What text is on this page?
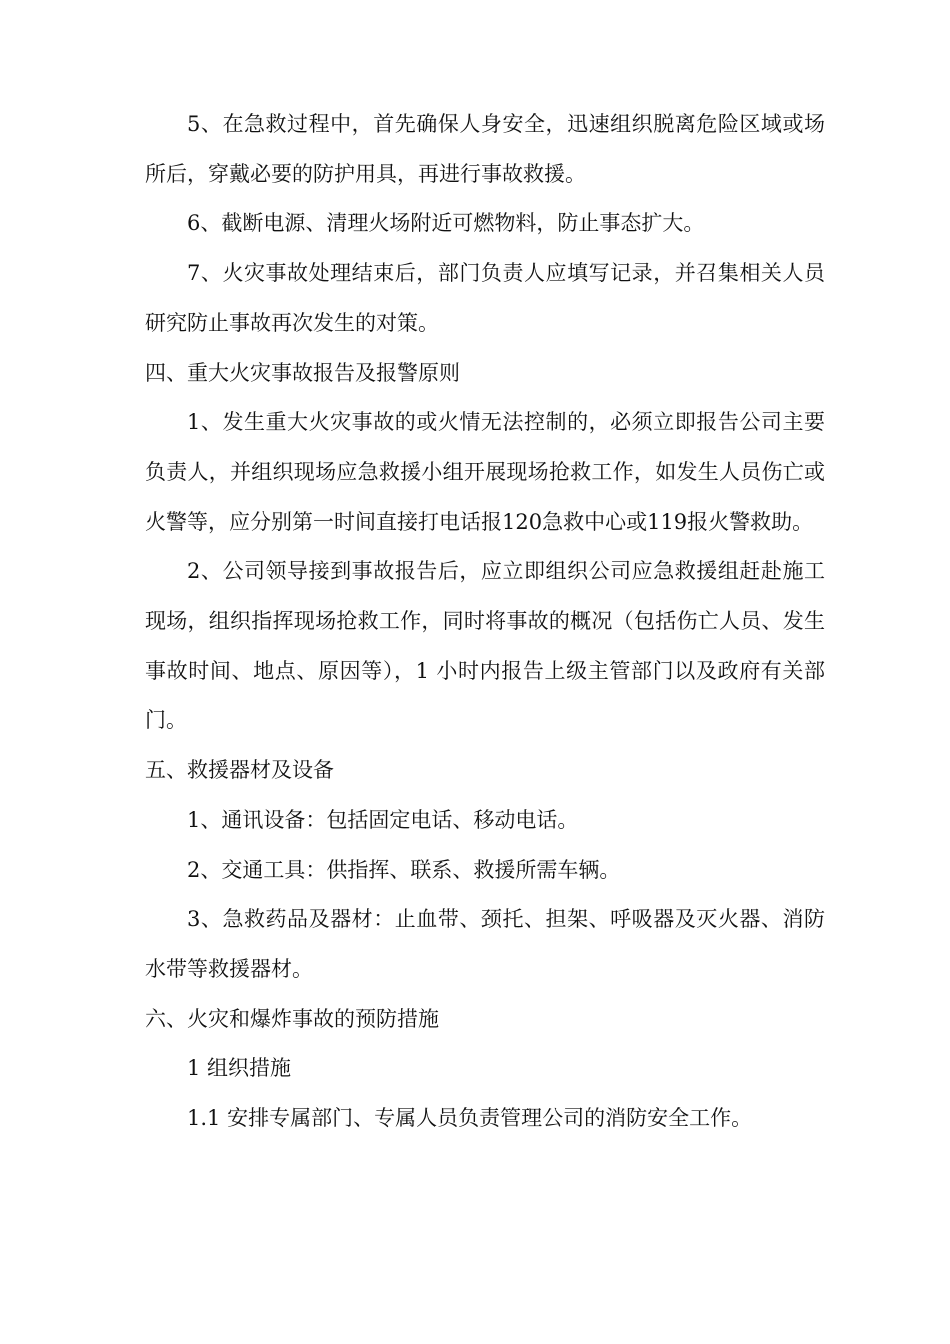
5、在急救过程中，首先确保人身安全，迅速组织脱离危险区域或场所后，穿戴必要的防护用具，再进行事故救援。

6、截断电源、清理火场附近可燃物料，防止事态扩大。

7、火灾事故处理结束后，部门负责人应填写记录，并召集相关人员研究防止事故再次发生的对策。

四、重大火灾事故报告及报警原则

1、发生重大火灾事故的或火情无法控制的，必须立即报告公司主要负责人，并组织现场应急救援小组开展现场抢救工作，如发生人员伤亡或火警等，应分别第一时间直接打电话报120急救中心或119报火警救助。

2、公司领导接到事故报告后，应立即组织公司应急救援组赶赴施工现场，组织指挥现场抢救工作，同时将事故的概况（包括伤亡人员、发生事故时间、地点、原因等），1 小时内报告上级主管部门以及政府有关部门。

五、救援器材及设备

1、通讯设备：包括固定电话、移动电话。

2、交通工具：供指挥、联系、救援所需车辆。

3、急救药品及器材：止血带、颈托、担架、呼吸器及灭火器、消防水带等救援器材。

六、火灾和爆炸事故的预防措施

1 组织措施

1.1 安排专属部门、专属人员负责管理公司的消防安全工作。
